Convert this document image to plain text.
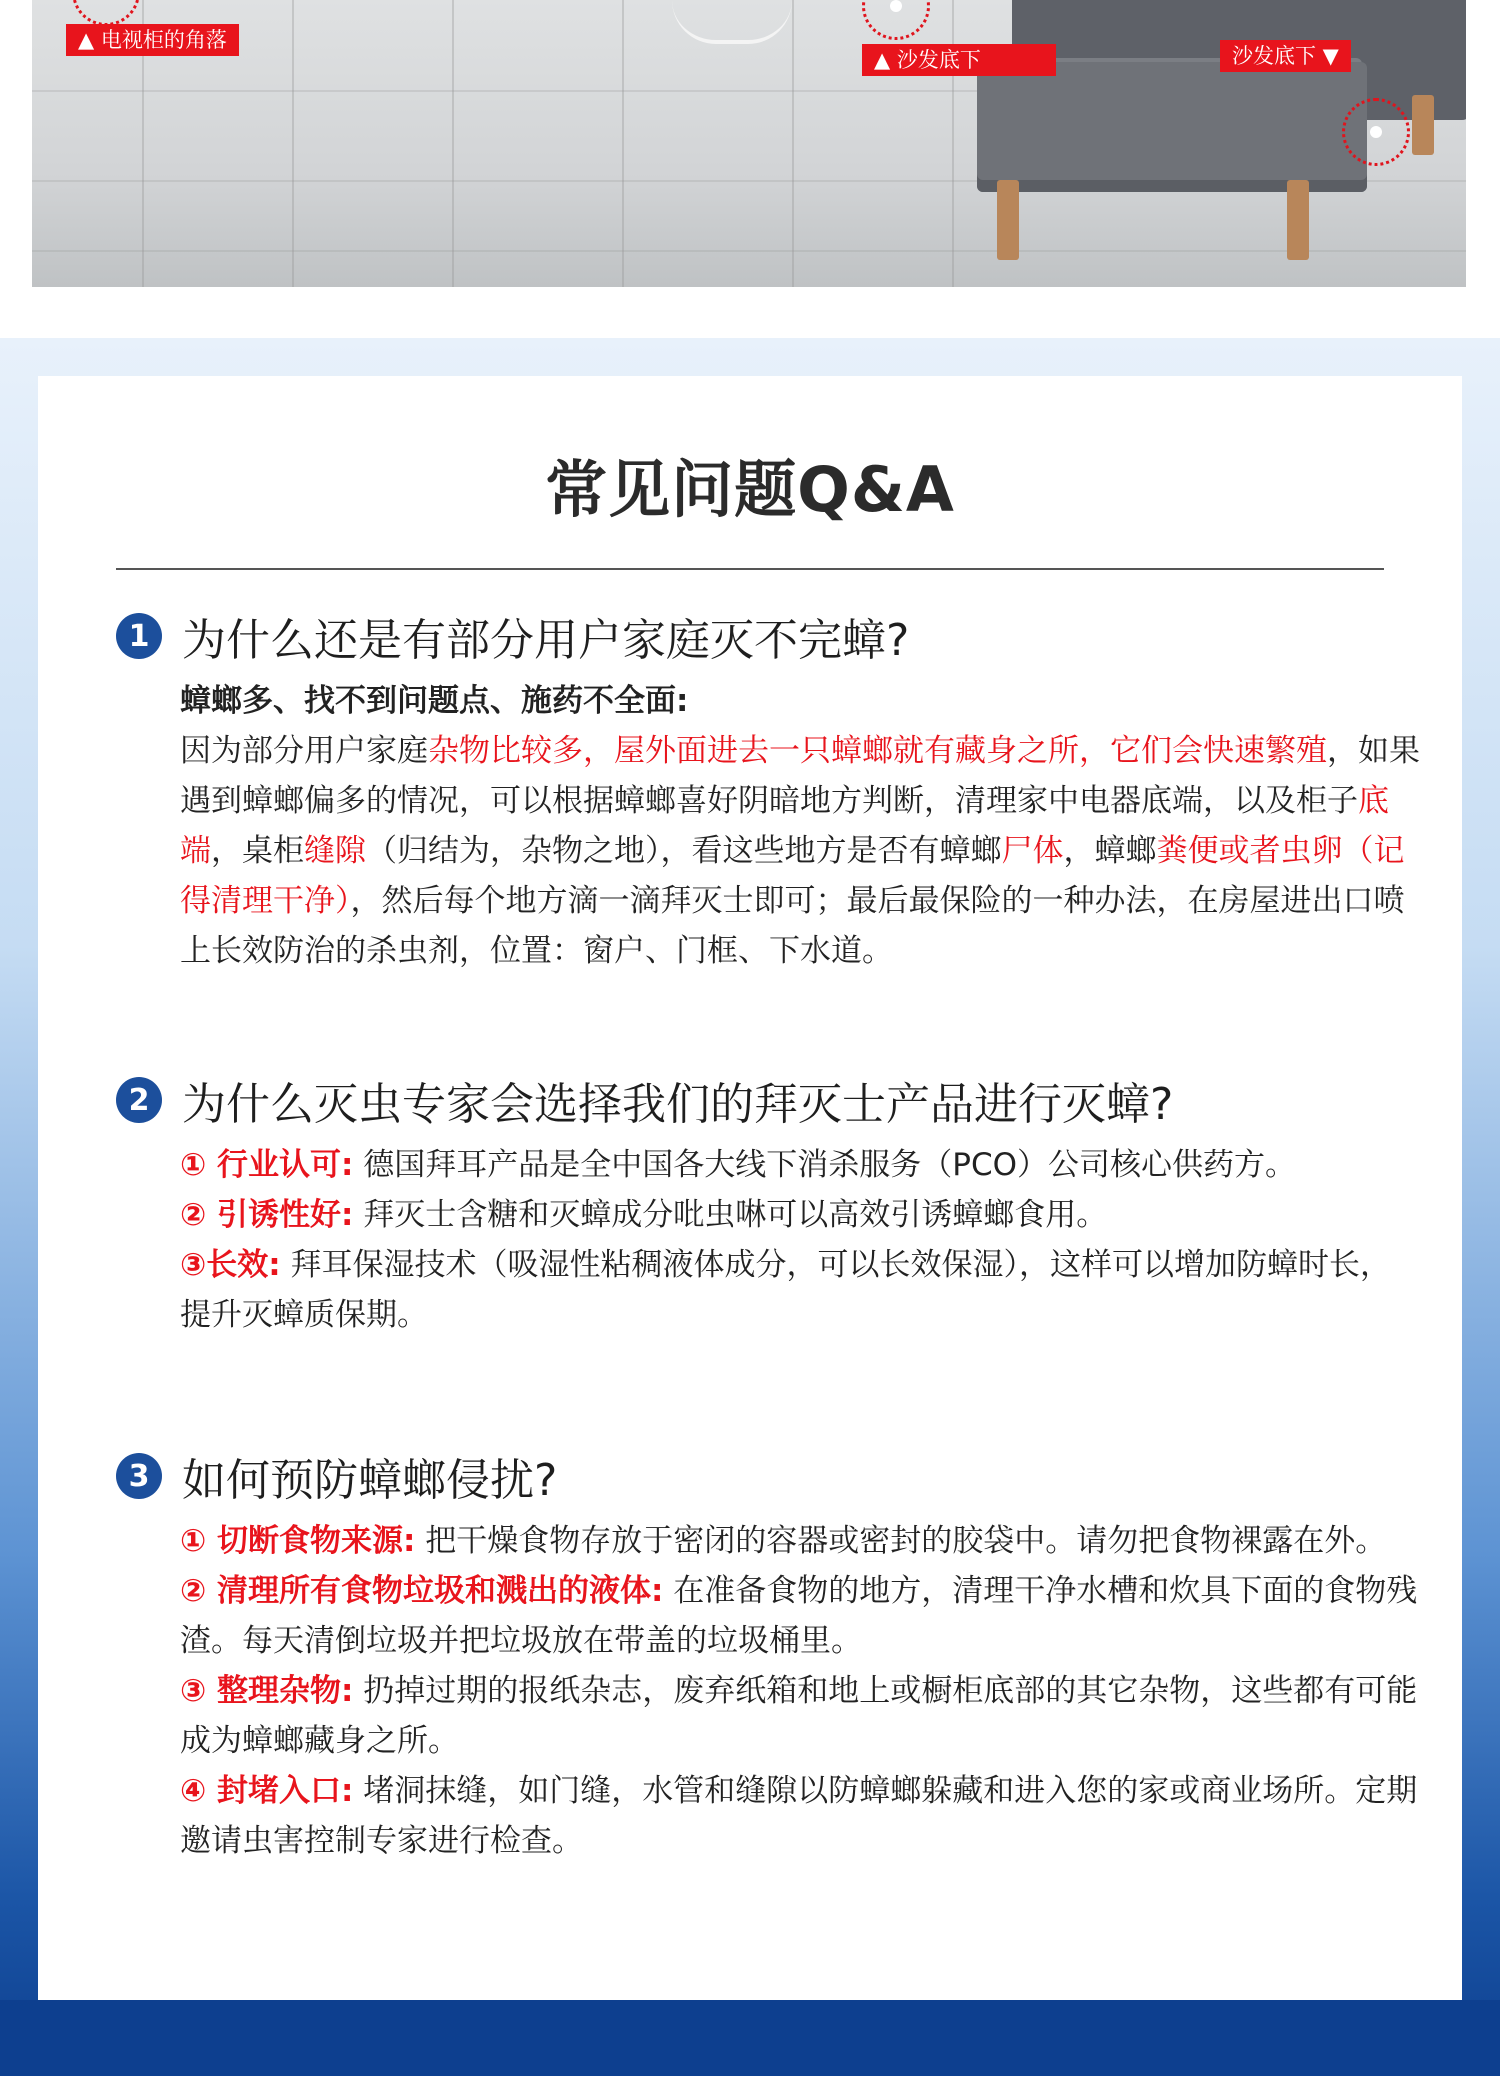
▲ 电视柜的角落
▲ 沙发底下	沙发底下 ▼
常见问题Q&A
1 为什么还是有部分用户家庭灭不完蟑?

蟑螂多、找不到问题点、施药不全面:

因为部分用户家庭杂物比较多，屋外面进去一只蟑螂就有藏身之所，它们会快速繁殖，如果遇到蟑螂偏多的情况，可以根据蟑螂喜好阴暗地方判断，清理家中电器底端，以及柜子底端，桌柜缝隙（归结为，杂物之地），看这些地方是否有蟑螂尸体，蟑螂粪便或者虫卵（记得清理干净），然后每个地方滴一滴拜灭士即可；最后最保险的一种办法，在房屋进出口喷上长效防治的杀虫剂，位置：窗户、门框、下水道。

2 为什么灭虫专家会选择我们的拜灭士产品进行灭蟑?

① 行业认可: 德国拜耳产品是全中国各大线下消杀服务（PCO）公司核心供药方。

② 引诱性好: 拜灭士含糖和灭蟑成分吡虫啉可以高效引诱蟑螂食用。

③长效: 拜耳保湿技术（吸湿性粘稠液体成分，可以长效保湿），这样可以增加防蟑时长，提升灭蟑质保期。

3 如何预防蟑螂侵扰?

① 切断食物来源: 把干燥食物存放于密闭的容器或密封的胶袋中。请勿把食物裸露在外。

② 清理所有食物垃圾和溅出的液体: 在准备食物的地方，清理干净水槽和炊具下面的食物残渣。每天清倒垃圾并把垃圾放在带盖的垃圾桶里。

③ 整理杂物: 扔掉过期的报纸杂志，废弃纸箱和地上或橱柜底部的其它杂物，这些都有可能成为蟑螂藏身之所。

④ 封堵入口: 堵洞抹缝，如门缝，水管和缝隙以防蟑螂躲藏和进入您的家或商业场所。定期邀请虫害控制专家进行检查。
